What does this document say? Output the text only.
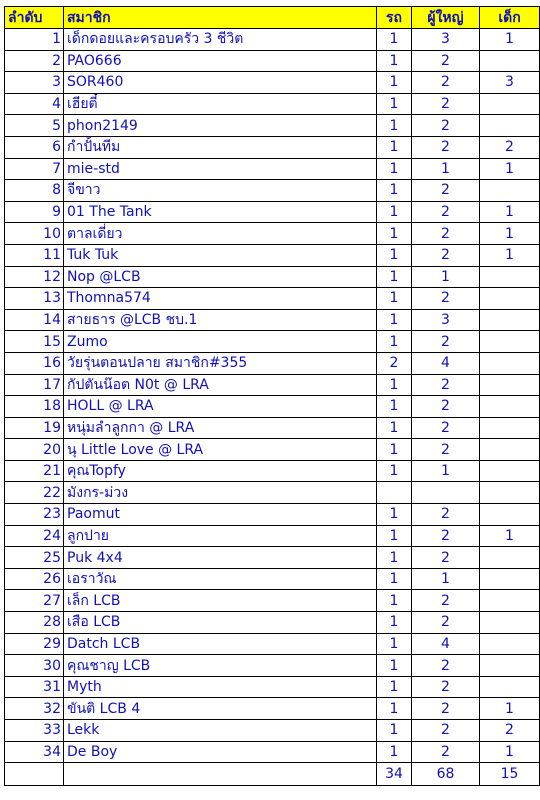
ลำดับ	สมาชิก	รถ	ผู้ใหญ่	เด็ก
1	เด็กดอยและครอบครัว 3 ชีวิต	1	3	1
2	PAO666	1	2	
3	SOR460	1	2	3
4	เฮียตี๋	1	2	
5	phon2149	1	2	
6	กำปั้นทีม	1	2	2
7	mie-std	1	1	1
8	จีขาว	1	2	
9	01 The Tank	1	2	1
10	ตาลเดี่ยว	1	2	1
11	Tuk Tuk	1	2	1
12	Nop @LCB	1	1	
13	Thomna574	1	2	
14	สายธาร @LCB ชบ.1	1	3	
15	Zumo	1	2	
16	วัยรุ่นตอนปลาย สมาชิก#355	2	4	
17	กัปตันน๊อต N0t @ LRA	1	2	
18	HOLL @ LRA	1	2	
19	หนุ่มลำลูกกา @ LRA	1	2	
20	นุ Little Love @ LRA	1	2	
21	คุณTopfy	1	1	
22	มังกร-ม่วง			
23	Paomut	1	2	
24	ลูกปาย	1	2	1
25	Puk 4x4	1	2	
26	เอราวัณ	1	1	
27	เล็ก LCB	1	2	
28	เสือ LCB	1	2	
29	Datch LCB	1	4	
30	คุณชาญ LCB	1	2	
31	Myth	1	2	
32	ขันติ LCB 4	1	2	1
33	Lekk	1	2	2
34	De Boy	1	2	1
		34	68	15
